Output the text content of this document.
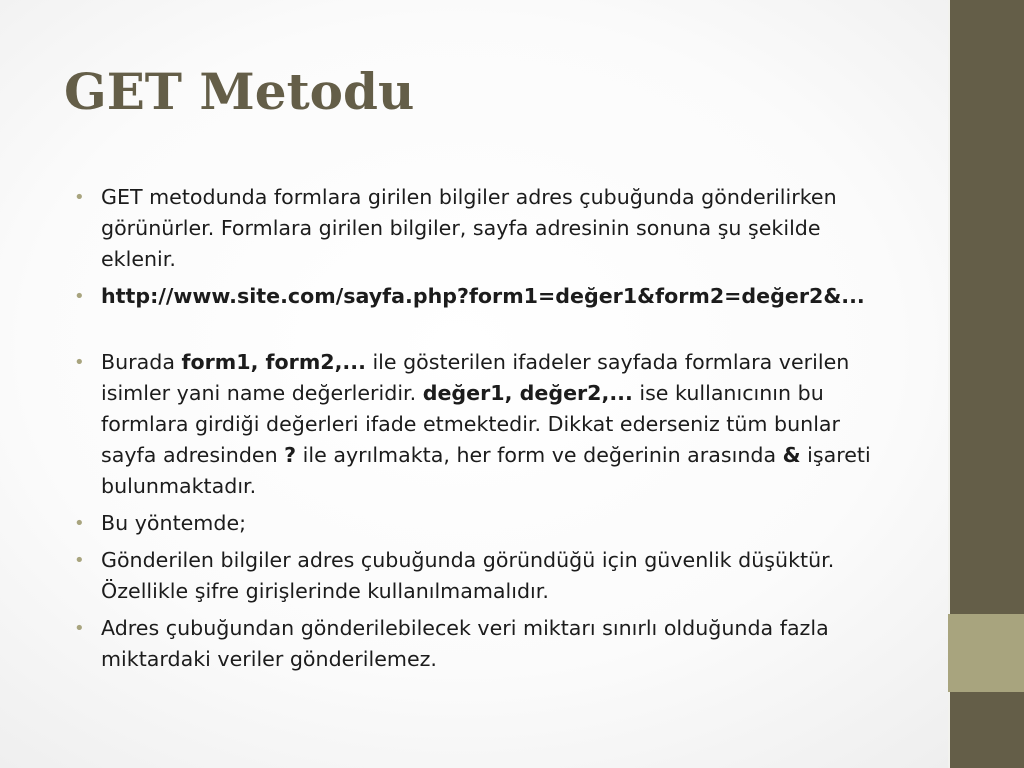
GET Metodu
• GET metodunda formlara girilen bilgiler adres çubuğunda gönderilirken görünürler. Formlara girilen bilgiler, sayfa adresinin sonuna şu şekilde eklenir.
• http://www.site.com/sayfa.php?form1=değer1&form2=değer2&...
• Burada form1, form2,... ile gösterilen ifadeler sayfada formlara verilen isimler yani name değerleridir. değer1, değer2,... ise kullanıcının bu formlara girdiği değerleri ifade etmektedir. Dikkat ederseniz tüm bunlar sayfa adresinden ? ile ayrılmakta, her form ve değerinin arasında & işareti bulunmaktadır.
• Bu yöntemde;
• Gönderilen bilgiler adres çubuğunda göründüğü için güvenlik düşüktür. Özellikle şifre girişlerinde kullanılmamalıdır.
• Adres çubuğundan gönderilebilecek veri miktarı sınırlı olduğunda fazla miktardaki veriler gönderilemez.
